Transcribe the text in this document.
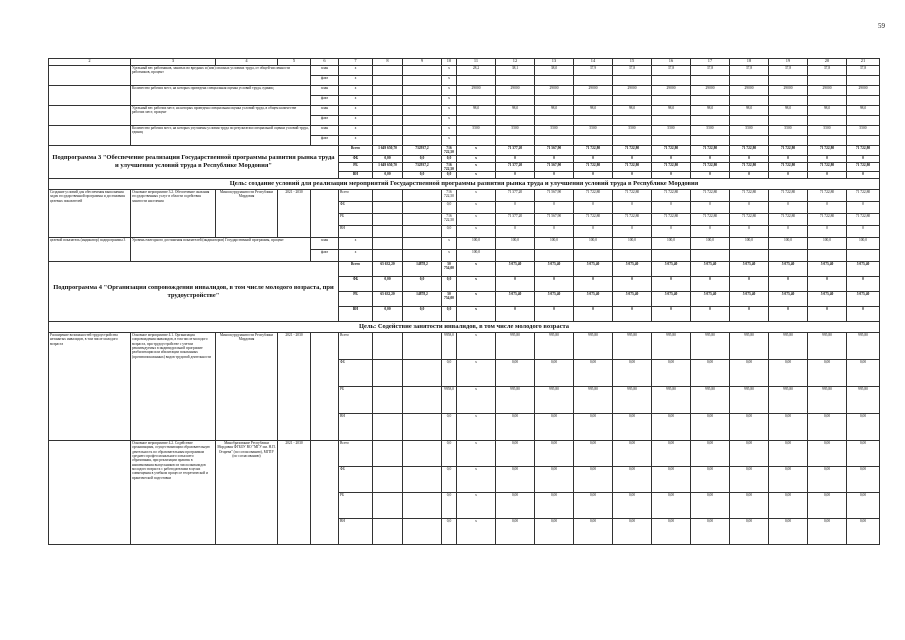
59
2	3	4	5	6	7	8	9	10	11	12	13	14	15	16	17	18	19	20	21
	Удельный вес работников, занятых во вредных и (или) опасных условиях труда, от общей численности работников, процент			план	х			х	28,2	38,1	38,0	37,9	37,8	37,8	37,8	37,8	37,8	37,8	37,8
				факт	х			х											
	Количество рабочих мест, на которых проведена специальная оценка условий труда, единиц			план	х			х	29000	29000	29000	29000	29000	29000	29000	29000	29000	29000	29000
				факт	х			х											
	Удельный вес рабочих мест, на которых проведена специальная оценка условий труда, в общем количестве рабочих мест, процент			план	х			х	98,0	98,0	98,0	98,0	98,0	98,0	98,0	98,0	98,0	98,0	98,0
				факт	х			х											
	Количество рабочих мест, на которых улучшены условия труда по результатам специальной оценки условий труда, единиц			план	х			х	5500	5500	5500	5500	5500	5500	5500	5500	5500	5500	5500
				факт	х			х											
Подпрограмма 3 "Обеспечение реализации Государственной программы развития рынка труда и улучшения условий труда в Республике Мордовия"					Всего	1 649 650,70	732937,2	716 722,50	х	71 377,20	71 567,90	71 722,80	71 722,80	71 722,80	71 722,80	71 722,80	71 722,80	71 722,80	71 722,80
					ФБ	0,00	0,0	0,0	х	0	0	0	0	0	0	0	0	0	0
					РБ	1 649 650,70	732937,2	716 722,50	х	71 377,20	71 567,90	71 722,80	71 722,80	71 722,80	71 722,80	71 722,80	71 722,80	71 722,80	71 722,80
					ВН	0,00	0,0	0,0	х	0	0	0	0	0	0	0	0	0	0
Цель: создание условий для реализации мероприятий Государственной программы развития рынка труда и улучшения условий труда в Республике Мордовия																			
Создание условий для обеспечения выполнения задач государственной программы и достижения целевых показателей	Основное мероприятие 3.2. Обеспечение оказания государственных услуг в области содействия занятости населения	Минсоцтрудзанятости Республики Мордовия	2021 - 2030		Всего			716 722,50	х	71 377,20	71 567,90	71 722,80	71 722,80	71 722,80	71 722,80	71 722,80	71 722,80	71 722,80	71 722,80
					ФБ			0,0	х	0	0	0	0	0	0	0	0	0	0
					РБ			716 722,50	х	71 377,20	71 567,90	71 722,80	71 722,80	71 722,80	71 722,80	71 722,80	71 722,80	71 722,80	71 722,80
					ВН			0,0	х	0	0	0	0	0	0	0	0	0	0
целевой показатель (индикатор) подпрограммы 3	Уровень ежегодного достижения показателей (индикаторов) Государственной программы, процент			план	х			х	100,0	100,0	100,0	100,0	100,0	100,0	100,0	100,0	100,0	100,0	100,0
				факт	х			х	100,0										
Подпрограмма 4 "Организация сопровождения инвалидов, в том числе молодого возраста, при трудоустройстве"					Всего	65 632,20	14878,2	50 754,00	х	5 075,40	5 075,40	5 075,40	5 075,40	5 075,40	5 075,40	5 075,40	5 075,40	5 075,40	5 075,40
					ФБ	0,00	0,0	0,0	х	0	0	0	0	0	0	0	0	0	0
					РБ	65 632,20	14878,2	50 754,00	х	5 075,40	5 075,40	5 075,40	5 075,40	5 075,40	5 075,40	5 075,40	5 075,40	5 075,40	5 075,40
					ВН	0,00	0,0	0,0	х	0	0	0	0	0	0	0	0	0	0
Цель: Содействие занятости инвалидов, в том числе молодого возраста																			
Расширение возможностей трудоустройства незанятых инвалидов, в том числе молодого возраста	Основное мероприятие 4.1. Организация сопровождения инвалидов, в том числе молодого возраста, при трудоустройстве с учетом рекомендуемых в индивидуальной программе реабилитации или абилитации показанных (противопоказанных) видов трудовой деятельности	Минсоцтрудзанятости Республики Мордовия	2021 - 2030		Всего			9958,0	х	995,80	995,80	995,80	995,80	995,80	995,80	995,80	995,80	995,80	995,80
					ФБ			0,0	х	0,00	0,00	0,00	0,00	0,00	0,00	0,00	0,00	0,00	0,00
					РБ			9958,0	х	995,80	995,80	995,80	995,80	995,80	995,80	995,80	995,80	995,80	995,80
					ВН			0,0	х	0,00	0,00	0,00	0,00	0,00	0,00	0,00	0,00	0,00	0,00
	Основное мероприятие 4.2. Содействие организациям, осуществляющим образовательную деятельность по образовательным программам среднего профессионального и высшего образования, при реализации практик в наименования выпускников из числа инвалидов молодого возраста с работодателями в целях совмещения в учебном процессе теоретической и практической подготовки	Минобразование Республики Мордовия ФГБОУ ВО "МГУ им. Н.П. Огарева" (по согласованию), МГПУ (по согласованию)	2021 - 2030		Всего			0,0	х	0,00	0,00	0,00	0,00	0,00	0,00	0,00	0,00	0,00	0,00
					ФБ			0,0	х	0,00	0,00	0,00	0,00	0,00	0,00	0,00	0,00	0,00	0,00
					РБ			0,0	х	0,00	0,00	0,00	0,00	0,00	0,00	0,00	0,00	0,00	0,00
					ВН			0,0	х	0,00	0,00	0,00	0,00	0,00	0,00	0,00	0,00	0,00	0,00
